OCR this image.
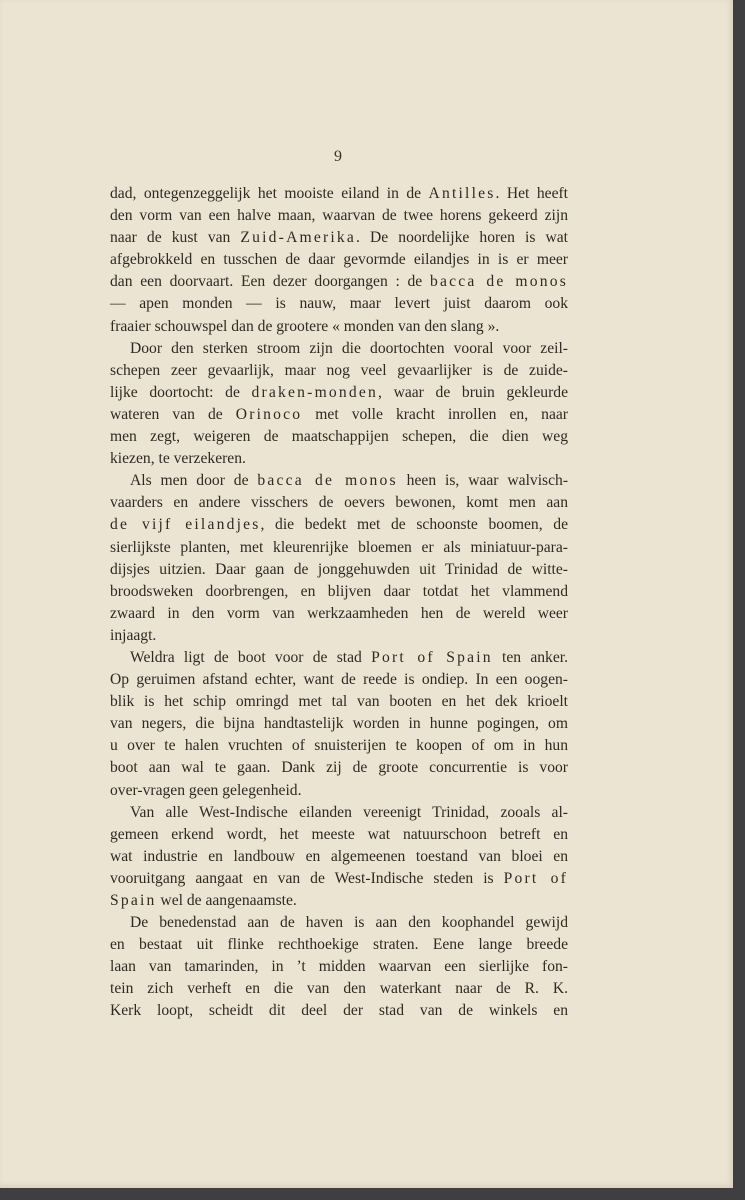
9
dad, ontegenzeggelijk het mooiste eiland in de Antilles. Het heeft
den vorm van een halve maan, waarvan de twee horens gekeerd zijn
naar de kust van Zuid-Amerika. De noordelijke horen is wat
afgebrokkeld en tusschen de daar gevormde eilandjes in is er meer
dan een doorvaart. Een dezer doorgangen : de bacca de monos
— apen monden — is nauw, maar levert juist daarom ook
fraaier schouwspel dan de grootere « monden van den slang ».
Door den sterken stroom zijn die doortochten vooral voor zeil-
schepen zeer gevaarlijk, maar nog veel gevaarlijker is de zuide-
lijke doortocht: de draken-monden, waar de bruin gekleurde
wateren van de Orinoco met volle kracht inrollen en, naar
men zegt, weigeren de maatschappijen schepen, die dien weg
kiezen, te verzekeren.
Als men door de bacca de monos heen is, waar walvisch-
vaarders en andere visschers de oevers bewonen, komt men aan
de vijf eilandjes, die bedekt met de schoonste boomen, de
sierlijkste planten, met kleurenrijke bloemen er als miniatuur-para-
dijsjes uitzien. Daar gaan de jonggehuwden uit Trinidad de witte-
broodsweken doorbrengen, en blijven daar totdat het vlammend
zwaard in den vorm van werkzaamheden hen de wereld weer
injaagt.
Weldra ligt de boot voor de stad Port of Spain ten anker.
Op geruimen afstand echter, want de reede is ondiep. In een oogen-
blik is het schip omringd met tal van booten en het dek krioelt
van negers, die bijna handtastelijk worden in hunne pogingen, om
u over te halen vruchten of snuisterijen te koopen of om in hun
boot aan wal te gaan. Dank zij de groote concurrentie is voor
over-vragen geen gelegenheid.
Van alle West-Indische eilanden vereenigt Trinidad, zooals al-
gemeen erkend wordt, het meeste wat natuurschoon betreft en
wat industrie en landbouw en algemeenen toestand van bloei en
vooruitgang aangaat en van de West-Indische steden is Port of
Spain wel de aangenaamste.
De benedenstad aan de haven is aan den koophandel gewijd
en bestaat uit flinke rechthoekige straten. Eene lange breede
laan van tamarinden, in ’t midden waarvan een sierlijke fon-
tein zich verheft en die van den waterkant naar de R. K.
Kerk loopt, scheidt dit deel der stad van de winkels en
